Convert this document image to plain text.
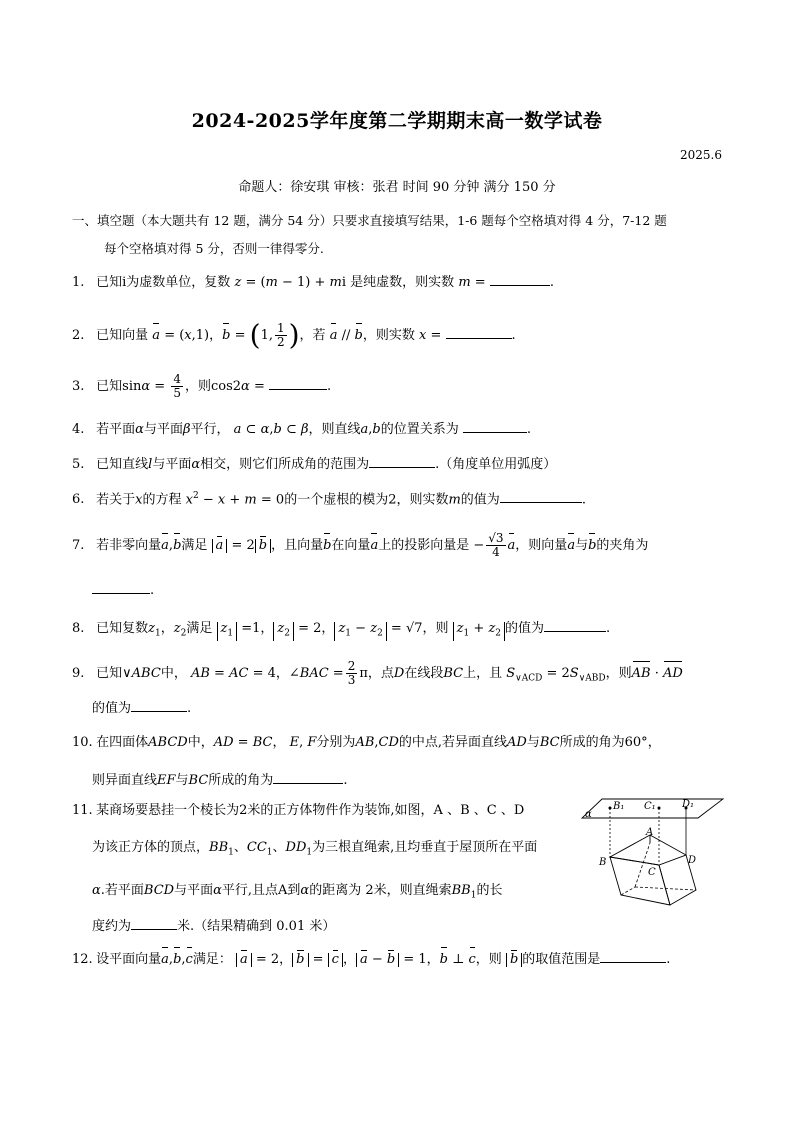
2024-2025学年度第二学期期末高一数学试卷
2025.6
命题人：徐安琪 审核：张君 时间 90 分钟 满分 150 分
一、填空题（本大题共有 12 题，满分 54 分）只要求直接填写结果，1-6 题每个空格填对得 4 分，7-12 题
每个空格填对得 5 分，否则一律得零分.
1. 已知i为虚数单位，复数 z = (m − 1) + mi 是纯虚数，则实数 m =	.
2. 已知向量 a = (x,1)，b = (1, $\frac{1}{2}$ )，若 a // b，则实数 x =	.
3. 已知$\sin\alpha = \frac{4}{5}$ ，则cos2α =	.
4. 若平面α与平面β平行， a ⊂ α,b ⊂ β，则直线a,b的位置关系为	.
5. 已知直线l与平面α相交，则它们所成角的范围为	.（角度单位用弧度）
6. 若关于x的方程 $x^2 - x + m = 0$的一个虚根的模为2，则实数m的值为	.
7. 若非零向量a,b满足 a = 2 b ，且向量b在向量a上的投影向量是 − $\frac{√3}{4}$ a，则向量a与b的夹角为
.
8. 已知复数$z_1$，$z_2$满足 $z_1 =1$， $z_2 = 2$， $z_1 - z_2 = √7$，则 $z_1 + z_2$ 的值为	.
9. 已知∨ABC中， AB = AC = 4，∠BAC = $\frac{2}{3}$ π，点D在线段BC上，且 $S_{\vee ACD} = 2S_{\vee ABD}$，则AB · AD
的值为	.
10. 在四面体ABCD中，AD = BC， E, F分别为AB,CD的中点,若异面直线AD与BC所成的角为60°，
则异面直线EF与BC所成的角为	.
11. 某商场要悬挂一个棱长为2米的正方体物件作为装饰,如图，A 、B 、C 、D
为该正方体的顶点，$BB_1$、$CC_1$、$DD_1$为三根直绳索,且均垂直于屋顶所在平面
α.若平面BCD与平面α平行,且点A到α的距离为 2米，则直绳索$BB_1$的长
度约为	米.（结果精确到 0.01 米）
α
B₁ C₁	D₁
A
B
C
D
12. 设平面向量a,b,c满足： a = 2， b = c ， a − b = 1，b ⊥ c，则 b 的取值范围是	.
